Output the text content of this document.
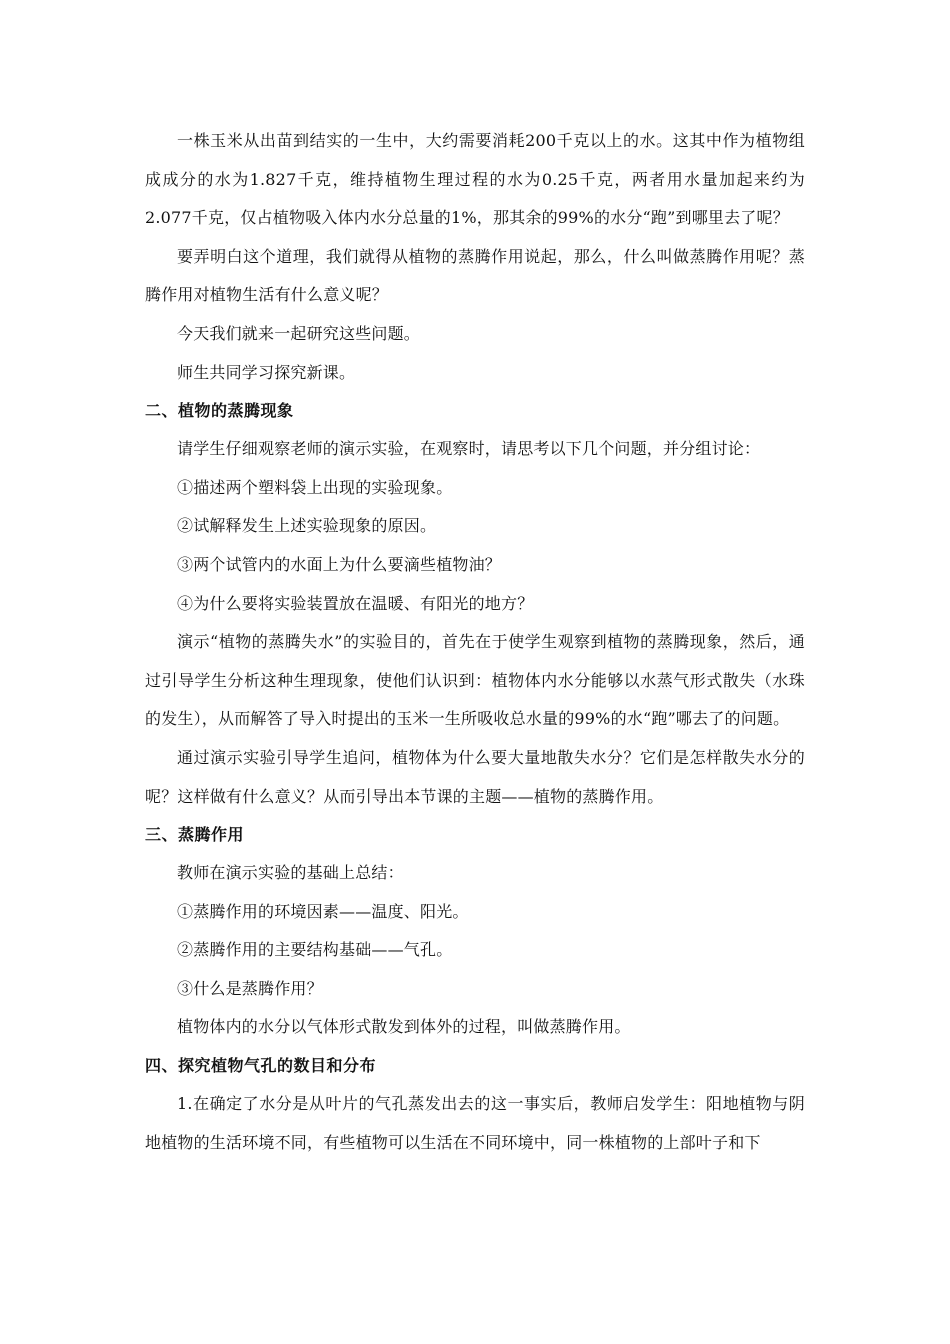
一株玉米从出苗到结实的一生中，大约需要消耗200千克以上的水。这其中作为植物组成成分的水为1.827千克，维持植物生理过程的水为0.25千克，两者用水量加起来约为2.077千克，仅占植物吸入体内水分总量的1%，那其余的99%的水分“跑”到哪里去了呢？

要弄明白这个道理，我们就得从植物的蒸腾作用说起，那么，什么叫做蒸腾作用呢？蒸腾作用对植物生活有什么意义呢？

今天我们就来一起研究这些问题。

师生共同学习探究新课。

二、植物的蒸腾现象

请学生仔细观察老师的演示实验，在观察时，请思考以下几个问题，并分组讨论：

①描述两个塑料袋上出现的实验现象。

②试解释发生上述实验现象的原因。

③两个试管内的水面上为什么要滴些植物油？

④为什么要将实验装置放在温暖、有阳光的地方？

演示“植物的蒸腾失水”的实验目的，首先在于使学生观察到植物的蒸腾现象，然后，通过引导学生分析这种生理现象，使他们认识到：植物体内水分能够以水蒸气形式散失（水珠的发生），从而解答了导入时提出的玉米一生所吸收总水量的99%的水“跑”哪去了的问题。

通过演示实验引导学生追问，植物体为什么要大量地散失水分？它们是怎样散失水分的呢？这样做有什么意义？从而引导出本节课的主题——植物的蒸腾作用。

三、蒸腾作用

教师在演示实验的基础上总结：

①蒸腾作用的环境因素——温度、阳光。

②蒸腾作用的主要结构基础——气孔。

③什么是蒸腾作用？

植物体内的水分以气体形式散发到体外的过程，叫做蒸腾作用。

四、探究植物气孔的数目和分布

1.在确定了水分是从叶片的气孔蒸发出去的这一事实后，教师启发学生：阳地植物与阴地植物的生活环境不同，有些植物可以生活在不同环境中，同一株植物的上部叶子和下
